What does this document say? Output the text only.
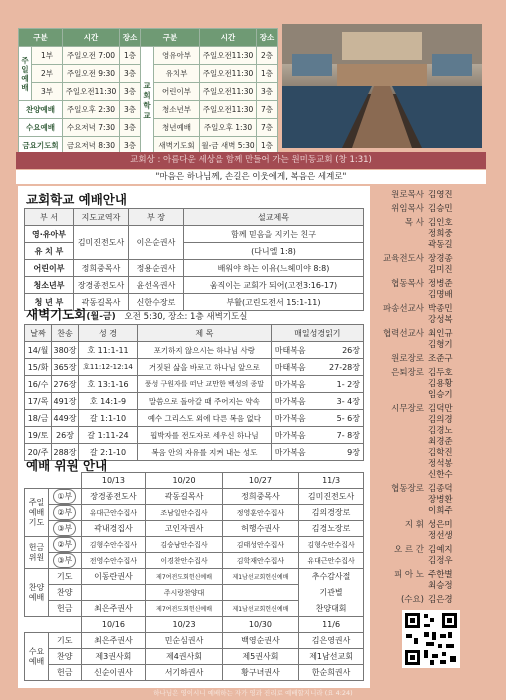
구분		시간	장소	구분		시간	장소
주일예배	1부	주일오전 7:00	1층	교회학교	영유아부	주일오전11:30	2층
	2부	주일오전 9:30	3층		유치부	주일오전11:30	1층
	3부	주일오전11:30	3층		어린이부	주일오전11:30	3층
찬양예배		주일오후 2:30	3층		청소년부	주일오전11:30	7층
수요예배		수요저녁 7:30	3층		청년예배	주일오후 1:30	7층
금요기도회		금요저녁 8:30	3층		새벽기도회	월-금 새벽 5:30	1층
교회상 : 아름다운 세상을 함께 만들어 가는 원미동교회 (창 1:31)
"마음은 하나님께, 손길은 이웃에게, 복음은 세계로"
교회학교 예배안내
부 서	지도교역자	부 장	설교제목
영·유아부	김미진전도사	이은순권사	함께 믿음을 지키는 친구
유 치 부			(다니엘 1:8)
어린이부	정희중목사	정용순권사	배워야 하는 이유(느헤미야 8:8)
청소년부	장경종전도사	윤선옥권사	움직이는 교회가 되어(고전3:16-17)
청 년 부	곽동길목사	신한수장로	부활(고린도전서 15:1-11)
새벽기도회(월-금) 오전 5:30, 장소: 1층 새벽기도실
날짜	찬송	성 경	제 목	매일성경읽기	
14/월	380장	호 11:1-11	포기하지 않으시는 하나님 사랑	마태복음	26장
15/화	365장	호11:12-12:14	거짓된 삶을 바로고 하나님 앞으로	마태복음	27-28장
16/수	276장	호 13:1-16	풍성 구원자를 떠난 교만한 백성의 종말	마가복음	1- 2장
17/목	491장	호 14:1-9	말씀으로 돌아갈 때 주어지는 약속	마가복음	3- 4장
18/금	449장	갈 1:1-10	예수 그리스도 외에 다른 복음 없다	마가복음	5- 6장
19/토	26장	갈 1:11-24	핍박자를 전도자로 세우신 하나님	마가복음	7- 8장
20/주	288장	갈 2:1-10	복음 안의 자유를 지켜 내는 성도	마가복음	9장
예배 위원 안내
		10/13	10/20	10/27	11/3
주일예배기도	①부	장경종전도사	곽동길목사	정희중목사	김미진전도사
	②부	유대근안수집사	조남일안수집사	정영훈안수집사	김의경장로
	③부	곽내경집사	고인자권사	허행수권사	김경노장로
헌금위원	②부	김형수안수집사	김승남안수집사	김태성안수집사	김형수안수집사
	③부	전영수안수집사	이경찬안수집사	김학재안수집사	유대근안수집사
찬양예배	기도	이동란권사	제7여전도회헌신예배	제1남선교회헌신예배	추수감사절
	찬양		주시랑찬양대		기관별
	헌금	최은주권사	제7여전도회헌신예배	제1남선교회헌신예배	찬양대회
		10/16	10/23	10/30	11/6
수요예배	기도	최은주권사	민순심권사	백영순권사	김은영권사
	찬양	제3권사회	제4권사회	제5권사회	제1남선교회
	헌금	신순이권사	서기하권사	황구녀권사	한순희권사
원로목사 김영진
위임목사 김승민
목 사 김인호
정희중
곽동길
교육전도사 장경종
김미진
협동목사 정병준
김명배
파송선교사 박종민
강성복
협력선교사 최인규
김형기
원로장로 조준구
은퇴장로 김두호
김용황
임승기
시무장로 김덕만
김의경
김경노
최경준
김학진
정석봉
신한수
협동장로 김종덕
장병환
이희주
지 휘 성은미
정선생
오 르 간 김예지
김정우
피 아 노 주한별
최승정
(수요) 김은경
하나님은 영이시니 예배하는 자가 영과 진리로 예배할지니라 (요 4:24)
